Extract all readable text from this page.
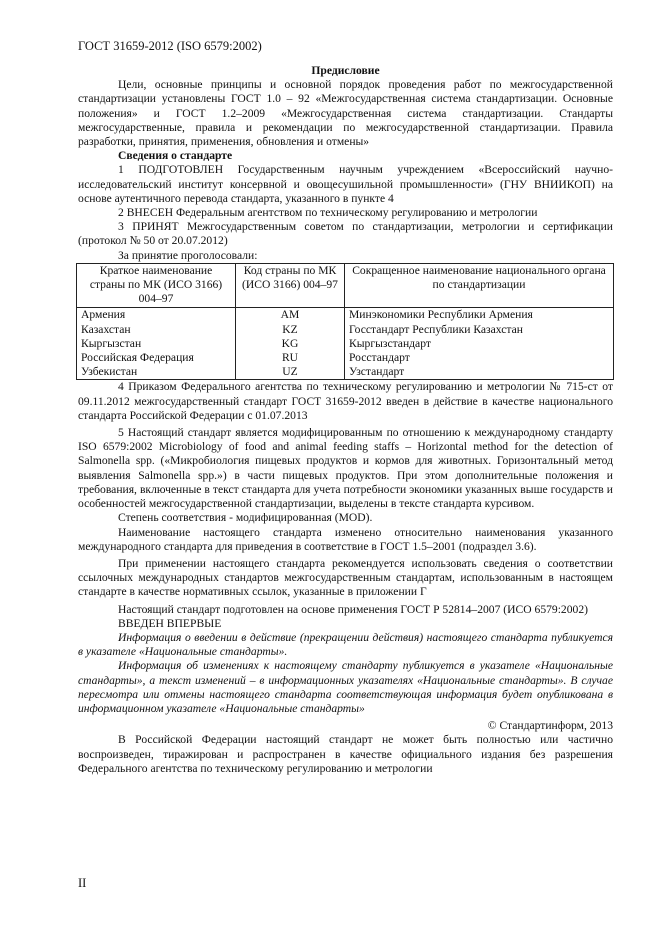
ГОСТ 31659-2012 (ISO 6579:2002)

Предисловие

Цели, основные принципы и основной порядок проведения работ по межгосударственной стандартизации установлены ГОСТ 1.0 – 92 «Межгосударственная система стандартизации. Основные положения» и ГОСТ 1.2–2009 «Межгосударственная система стандартизации. Стандарты межгосударственные, правила и рекомендации по межгосударственной стандартизации. Правила разработки, принятия, применения, обновления и отмены»

Сведения о стандарте

1 ПОДГОТОВЛЕН Государственным научным учреждением «Всероссийский научно-исследовательский институт консервной и овощесушильной промышленности» (ГНУ ВНИИКОП) на основе аутентичного перевода стандарта, указанного в пункте 4

2 ВНЕСЕН Федеральным агентством по техническому регулированию и метрологии

3 ПРИНЯТ Межгосударственным советом по стандартизации, метрологии и сертификации (протокол № 50 от 20.07.2012)

За принятие проголосовали:

Краткое наименование страны по МК (ИСО 3166) 004–97	Код страны по МК (ИСО 3166) 004–97	Сокращенное наименование национального органа по стандартизации
Армения	AM	Минэкономики Республики Армения
Казахстан	KZ	Госстандарт Республики Казахстан
Кыргызстан	KG	Кыргызстандарт
Российская Федерация	RU	Росстандарт
Узбекистан	UZ	Узстандарт

4 Приказом Федерального агентства по техническому регулированию и метрологии № 715-ст от 09.11.2012 межгосударственный стандарт ГОСТ 31659-2012 введен в действие в качестве национального стандарта Российской Федерации с 01.07.2013

5 Настоящий стандарт является модифицированным по отношению к международному стандарту ISO 6579:2002 Microbiology of food and animal feeding staffs – Horizontal method for the detection of Salmonella spp. («Микробиология пищевых продуктов и кормов для животных. Горизонтальный метод выявления Salmonella spp.») в части пищевых продуктов. При этом дополнительные положения и требования, включенные в текст стандарта для учета потребности экономики указанных выше государств и особенностей межгосударственной стандартизации, выделены в тексте стандарта курсивом.

Степень соответствия - модифицированная (MOD).

Наименование настоящего стандарта изменено относительно наименования указанного международного стандарта для приведения в соответствие в ГОСТ 1.5–2001 (подраздел 3.6).

При применении настоящего стандарта рекомендуется использовать сведения о соответствии ссылочных международных стандартов межгосударственным стандартам, использованным в настоящем стандарте в качестве нормативных ссылок, указанные в приложении Г

Настоящий стандарт подготовлен на основе применения ГОСТ Р 52814–2007 (ИСО 6579:2002)

ВВЕДЕН ВПЕРВЫЕ

Информация о введении в действие (прекращении действия) настоящего стандарта публикуется в указателе «Национальные стандарты».

Информация об изменениях к настоящему стандарту публикуется в указателе «Национальные стандарты», а текст изменений – в информационных указателях «Национальные стандарты». В случае пересмотра или отмены настоящего стандарта соответствующая информация будет опубликована в информационном указателе «Национальные стандарты»

© Стандартинформ, 2013

В Российской Федерации настоящий стандарт не может быть полностью или частично воспроизведен, тиражирован и распространен в качестве официального издания без разрешения Федерального агентства по техническому регулированию и метрологии

II
